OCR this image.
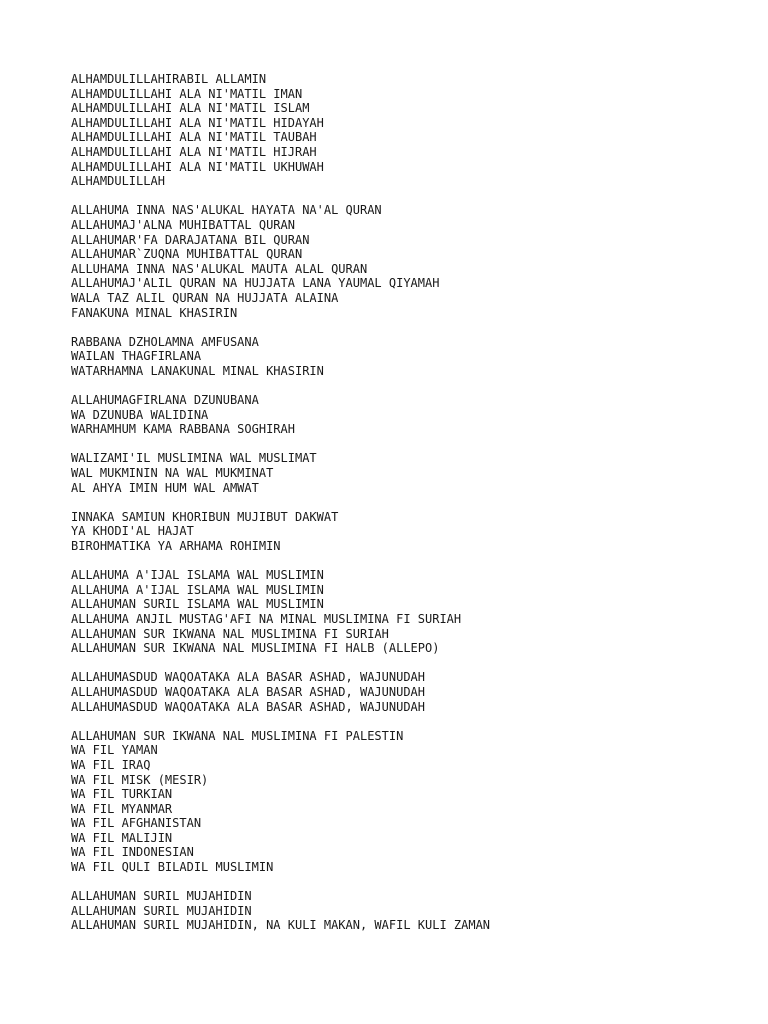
ALHAMDULILLAHIRABIL ALLAMIN
ALHAMDULILLAHI ALA NI'MATIL IMAN
ALHAMDULILLAHI ALA NI'MATIL ISLAM
ALHAMDULILLAHI ALA NI'MATIL HIDAYAH
ALHAMDULILLAHI ALA NI'MATIL TAUBAH
ALHAMDULILLAHI ALA NI'MATIL HIJRAH
ALHAMDULILLAHI ALA NI'MATIL UKHUWAH
ALHAMDULILLAH
ALLAHUMA INNA NAS'ALUKAL HAYATA NA'AL QURAN
ALLAHUMAJ'ALNA MUHIBATTAL QURAN
ALLAHUMAR'FA DARAJATANA BIL QURAN
ALLAHUMAR`ZUQNA MUHIBATTAL QURAN
ALLUHAMA INNA NAS'ALUKAL MAUTA ALAL QURAN
ALLAHUMAJ'ALIL QURAN NA HUJJATA LANA YAUMAL QIYAMAH
WALA TAZ ALIL QURAN NA HUJJATA ALAINA
FANAKUNA MINAL KHASIRIN
RABBANA DZHOLAMNA AMFUSANA
WAILAN THAGFIRLANA
WATARHAMNA LANAKUNAL MINAL KHASIRIN
ALLAHUMAGFIRLANA DZUNUBANA
WA DZUNUBA WALIDINA
WARHAMHUM KAMA RABBANA SOGHIRAH
WALIZAMI'IL MUSLIMINA WAL MUSLIMAT
WAL MUKMININ NA WAL MUKMINAT
AL AHYA IMIN HUM WAL AMWAT
INNAKA SAMIUN KHORIBUN MUJIBUT DAKWAT
YA KHODI'AL HAJAT
BIROHMATIKA YA ARHAMA ROHIMIN
ALLAHUMA A'IJAL ISLAMA WAL MUSLIMIN
ALLAHUMA A'IJAL ISLAMA WAL MUSLIMIN
ALLAHUMAN SURIL ISLAMA WAL MUSLIMIN
ALLAHUMA ANJIL MUSTAG'AFI NA MINAL MUSLIMINA FI SURIAH
ALLAHUMAN SUR IKWANA NAL MUSLIMINA FI SURIAH
ALLAHUMAN SUR IKWANA NAL MUSLIMINA FI HALB (ALLEPO)
ALLAHUMASDUD WAQOATAKA ALA BASAR ASHAD, WAJUNUDAH
ALLAHUMASDUD WAQOATAKA ALA BASAR ASHAD, WAJUNUDAH
ALLAHUMASDUD WAQOATAKA ALA BASAR ASHAD, WAJUNUDAH
ALLAHUMAN SUR IKWANA NAL MUSLIMINA FI PALESTIN
WA FIL YAMAN
WA FIL IRAQ
WA FIL MISK (MESIR)
WA FIL TURKIAN
WA FIL MYANMAR
WA FIL AFGHANISTAN
WA FIL MALIJIN
WA FIL INDONESIAN
WA FIL QULI BILADIL MUSLIMIN
ALLAHUMAN SURIL MUJAHIDIN
ALLAHUMAN SURIL MUJAHIDIN
ALLAHUMAN SURIL MUJAHIDIN, NA KULI MAKAN, WAFIL KULI ZAMAN
